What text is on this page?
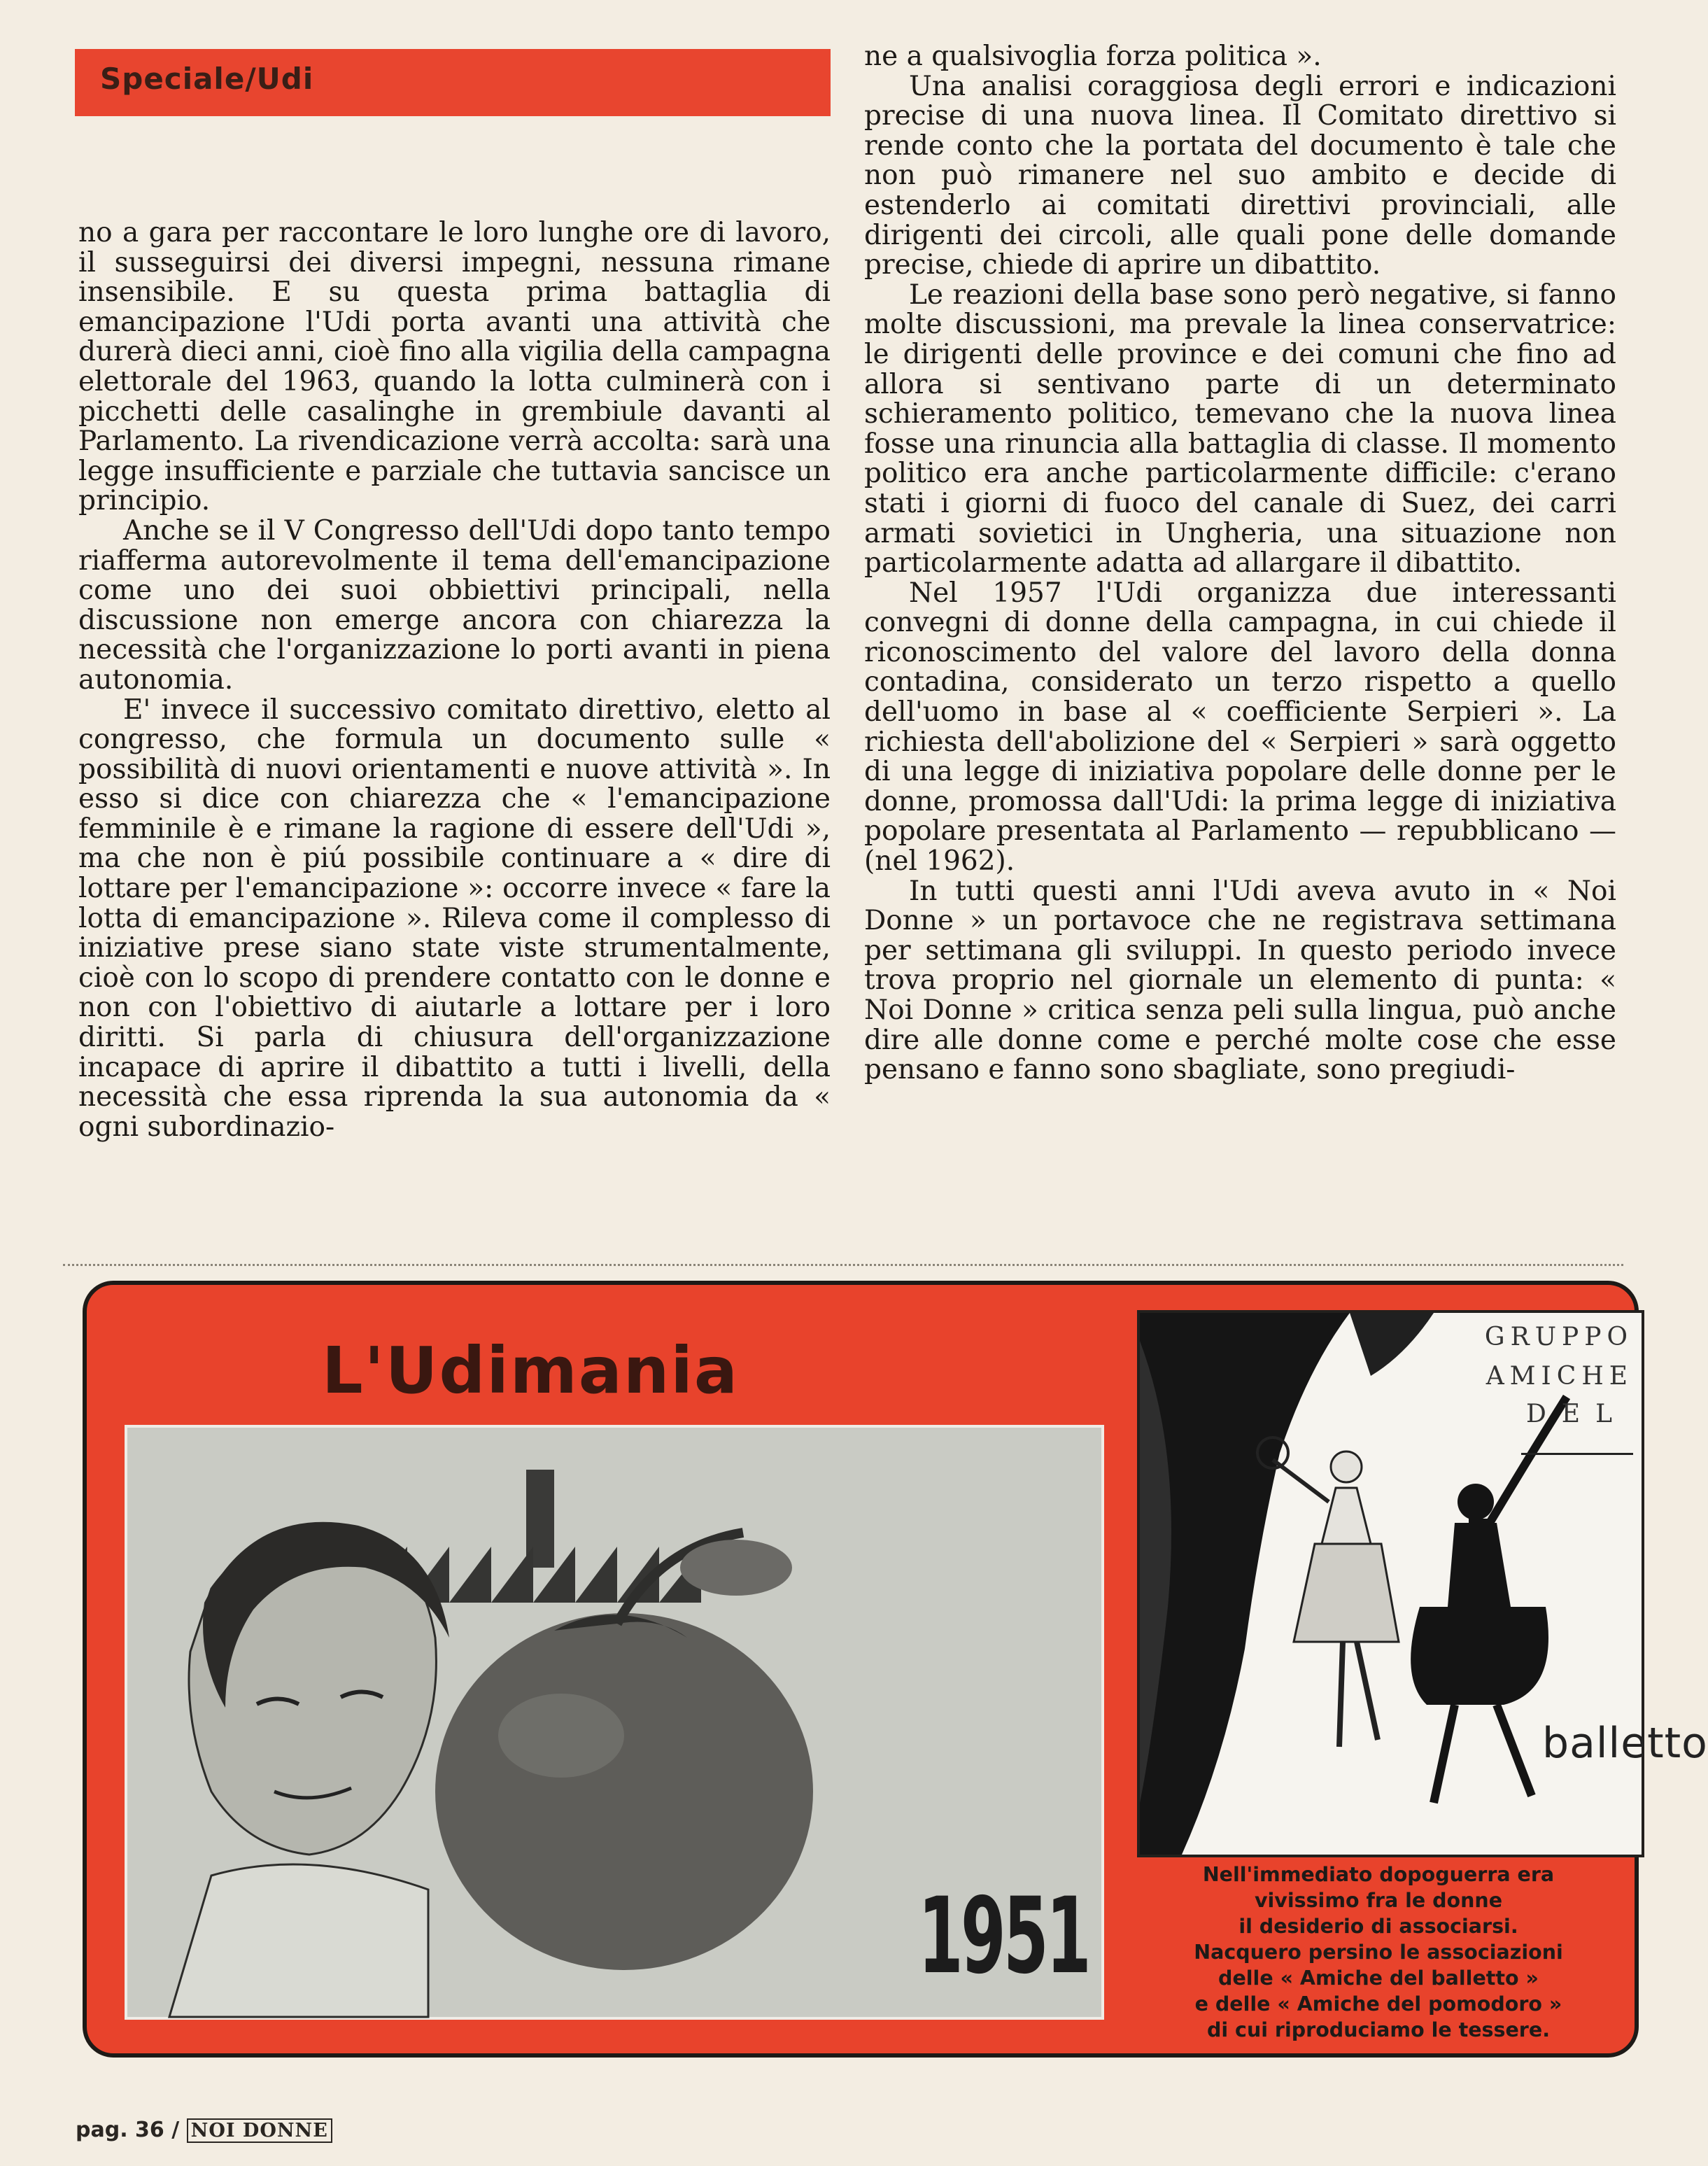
Speciale/Udi

no a gara per raccontare le loro lunghe ore di lavoro, il susseguirsi dei diversi impegni, nessuna rimane insensibile. E su questa prima battaglia di emancipazione l'Udi porta avanti una attività che durerà dieci anni, cioè fino alla vigilia della campagna elettorale del 1963, quando la lotta culminerà con i picchetti delle casalinghe in grembiule davanti al Parlamento. La rivendicazione verrà accolta: sarà una legge insufficiente e parziale che tuttavia sancisce un principio.

Anche se il V Congresso dell'Udi dopo tanto tempo riafferma autorevolmente il tema dell'emancipazione come uno dei suoi obbiettivi principali, nella discussione non emerge ancora con chiarezza la necessità che l'organizzazione lo porti avanti in piena autonomia.

E' invece il successivo comitato direttivo, eletto al congresso, che formula un documento sulle « possibilità di nuovi orientamenti e nuove attività ». In esso si dice con chiarezza che « l'emancipazione femminile è e rimane la ragione di essere dell'Udi », ma che non è piú possibile continuare a « dire di lottare per l'emancipazione »: occorre invece « fare la lotta di emancipazione ». Rileva come il complesso di iniziative prese siano state viste strumentalmente, cioè con lo scopo di prendere contatto con le donne e non con l'obiettivo di aiutarle a lottare per i loro diritti. Si parla di chiusura dell'organizzazione incapace di aprire il dibattito a tutti i livelli, della necessità che essa riprenda la sua autonomia da « ogni subordinazio-

ne a qualsivoglia forza politica ».

Una analisi coraggiosa degli errori e indicazioni precise di una nuova linea. Il Comitato direttivo si rende conto che la portata del documento è tale che non può rimanere nel suo ambito e decide di estenderlo ai comitati direttivi provinciali, alle dirigenti dei circoli, alle quali pone delle domande precise, chiede di aprire un dibattito.

Le reazioni della base sono però negative, si fanno molte discussioni, ma prevale la linea conservatrice: le dirigenti delle province e dei comuni che fino ad allora si sentivano parte di un determinato schieramento politico, temevano che la nuova linea fosse una rinuncia alla battaglia di classe. Il momento politico era anche particolarmente difficile: c'erano stati i giorni di fuoco del canale di Suez, dei carri armati sovietici in Ungheria, una situazione non particolarmente adatta ad allargare il dibattito.

Nel 1957 l'Udi organizza due interessanti convegni di donne della campagna, in cui chiede il riconoscimento del valore del lavoro della donna contadina, considerato un terzo rispetto a quello dell'uomo in base al « coefficiente Serpieri ». La richiesta dell'abolizione del « Serpieri » sarà oggetto di una legge di iniziativa popolare delle donne per le donne, promossa dall'Udi: la prima legge di iniziativa popolare presentata al Parlamento — repubblicano — (nel 1962).

In tutti questi anni l'Udi aveva avuto in « Noi Donne » un portavoce che ne registrava settimana per settimana gli sviluppi. In questo periodo invece trova proprio nel giornale un elemento di punta: « Noi Donne » critica senza peli sulla lingua, può anche dire alle donne come e perché molte cose che esse pensano e fanno sono sbagliate, sono pregiudi-

L'Udimania
1951
GRUPPO
AMICHE
DEL
balletto
Nell'immediato dopoguerra era
vivissimo fra le donne
il desiderio di associarsi.
Nacquero persino le associazioni
delle « Amiche del balletto »
e delle « Amiche del pomodoro »
di cui riproduciamo le tessere.
pag. 36 / NOI DONNE
